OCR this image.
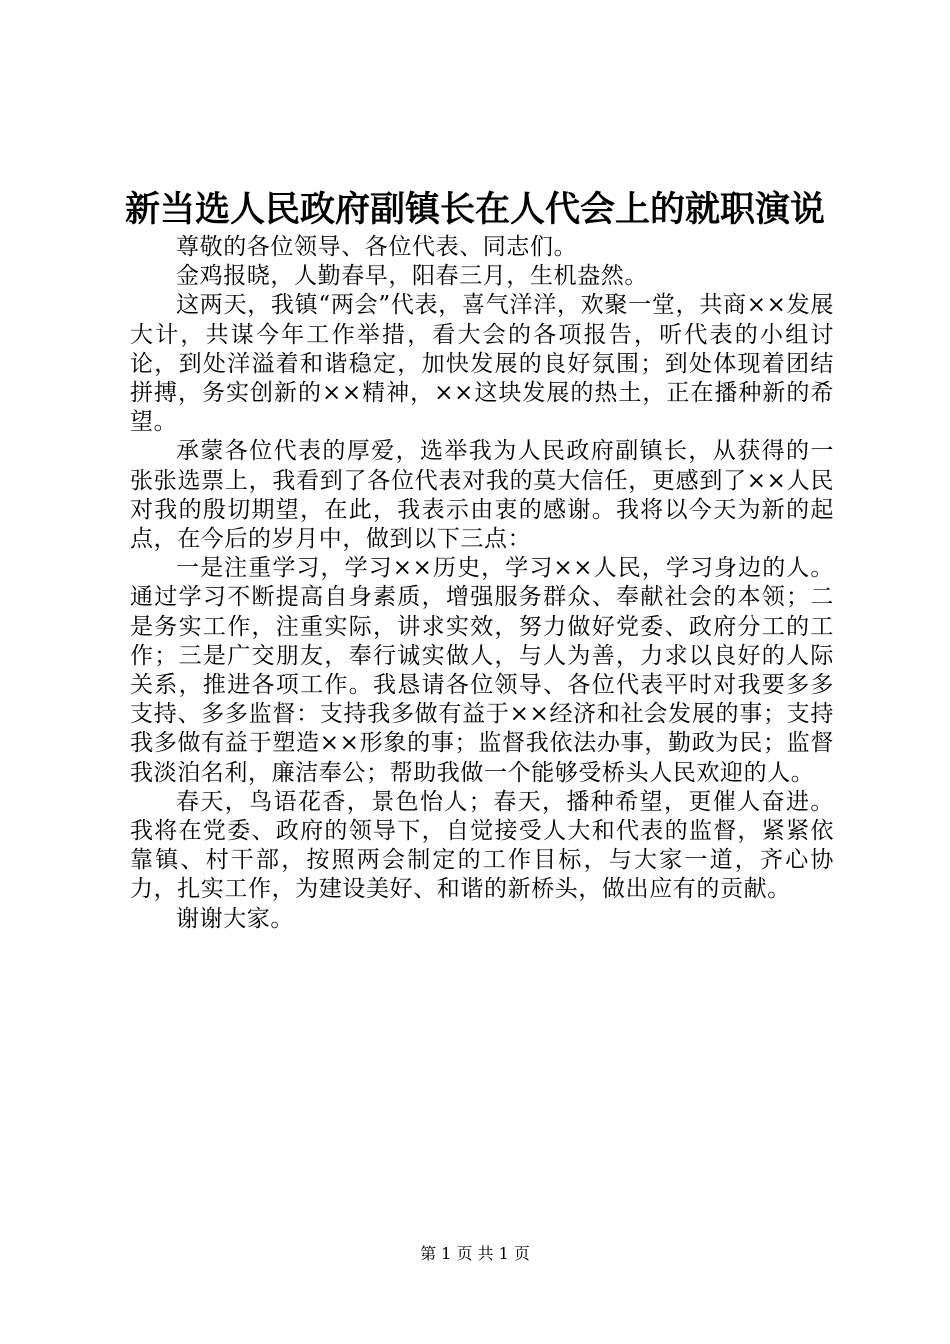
新当选人民政府副镇长在人代会上的就职演说

尊敬的各位领导、各位代表、同志们。

金鸡报晓，人勤春早，阳春三月，生机盎然。

这两天，我镇“两会”代表，喜气洋洋，欢聚一堂，共商××发展大计，共谋今年工作举措，看大会的各项报告，听代表的小组讨论，到处洋溢着和谐稳定，加快发展的良好氛围；到处体现着团结拼搏，务实创新的××精神，××这块发展的热土，正在播种新的希望。

承蒙各位代表的厚爱，选举我为人民政府副镇长，从获得的一张张选票上，我看到了各位代表对我的莫大信任，更感到了××人民对我的殷切期望，在此，我表示由衷的感谢。我将以今天为新的起点，在今后的岁月中，做到以下三点：

一是注重学习，学习××历史，学习××人民，学习身边的人。通过学习不断提高自身素质，增强服务群众、奉献社会的本领；二是务实工作，注重实际，讲求实效，努力做好党委、政府分工的工作；三是广交朋友，奉行诚实做人，与人为善，力求以良好的人际关系，推进各项工作。我恳请各位领导、各位代表平时对我要多多支持、多多监督：支持我多做有益于××经济和社会发展的事；支持我多做有益于塑造××形象的事；监督我依法办事，勤政为民；监督我淡泊名利，廉洁奉公；帮助我做一个能够受桥头人民欢迎的人。

春天，鸟语花香，景色怡人；春天，播种希望，更催人奋进。我将在党委、政府的领导下，自觉接受人大和代表的监督，紧紧依靠镇、村干部，按照两会制定的工作目标，与大家一道，齐心协力，扎实工作，为建设美好、和谐的新桥头，做出应有的贡献。

谢谢大家。

第 1 页 共 1 页
